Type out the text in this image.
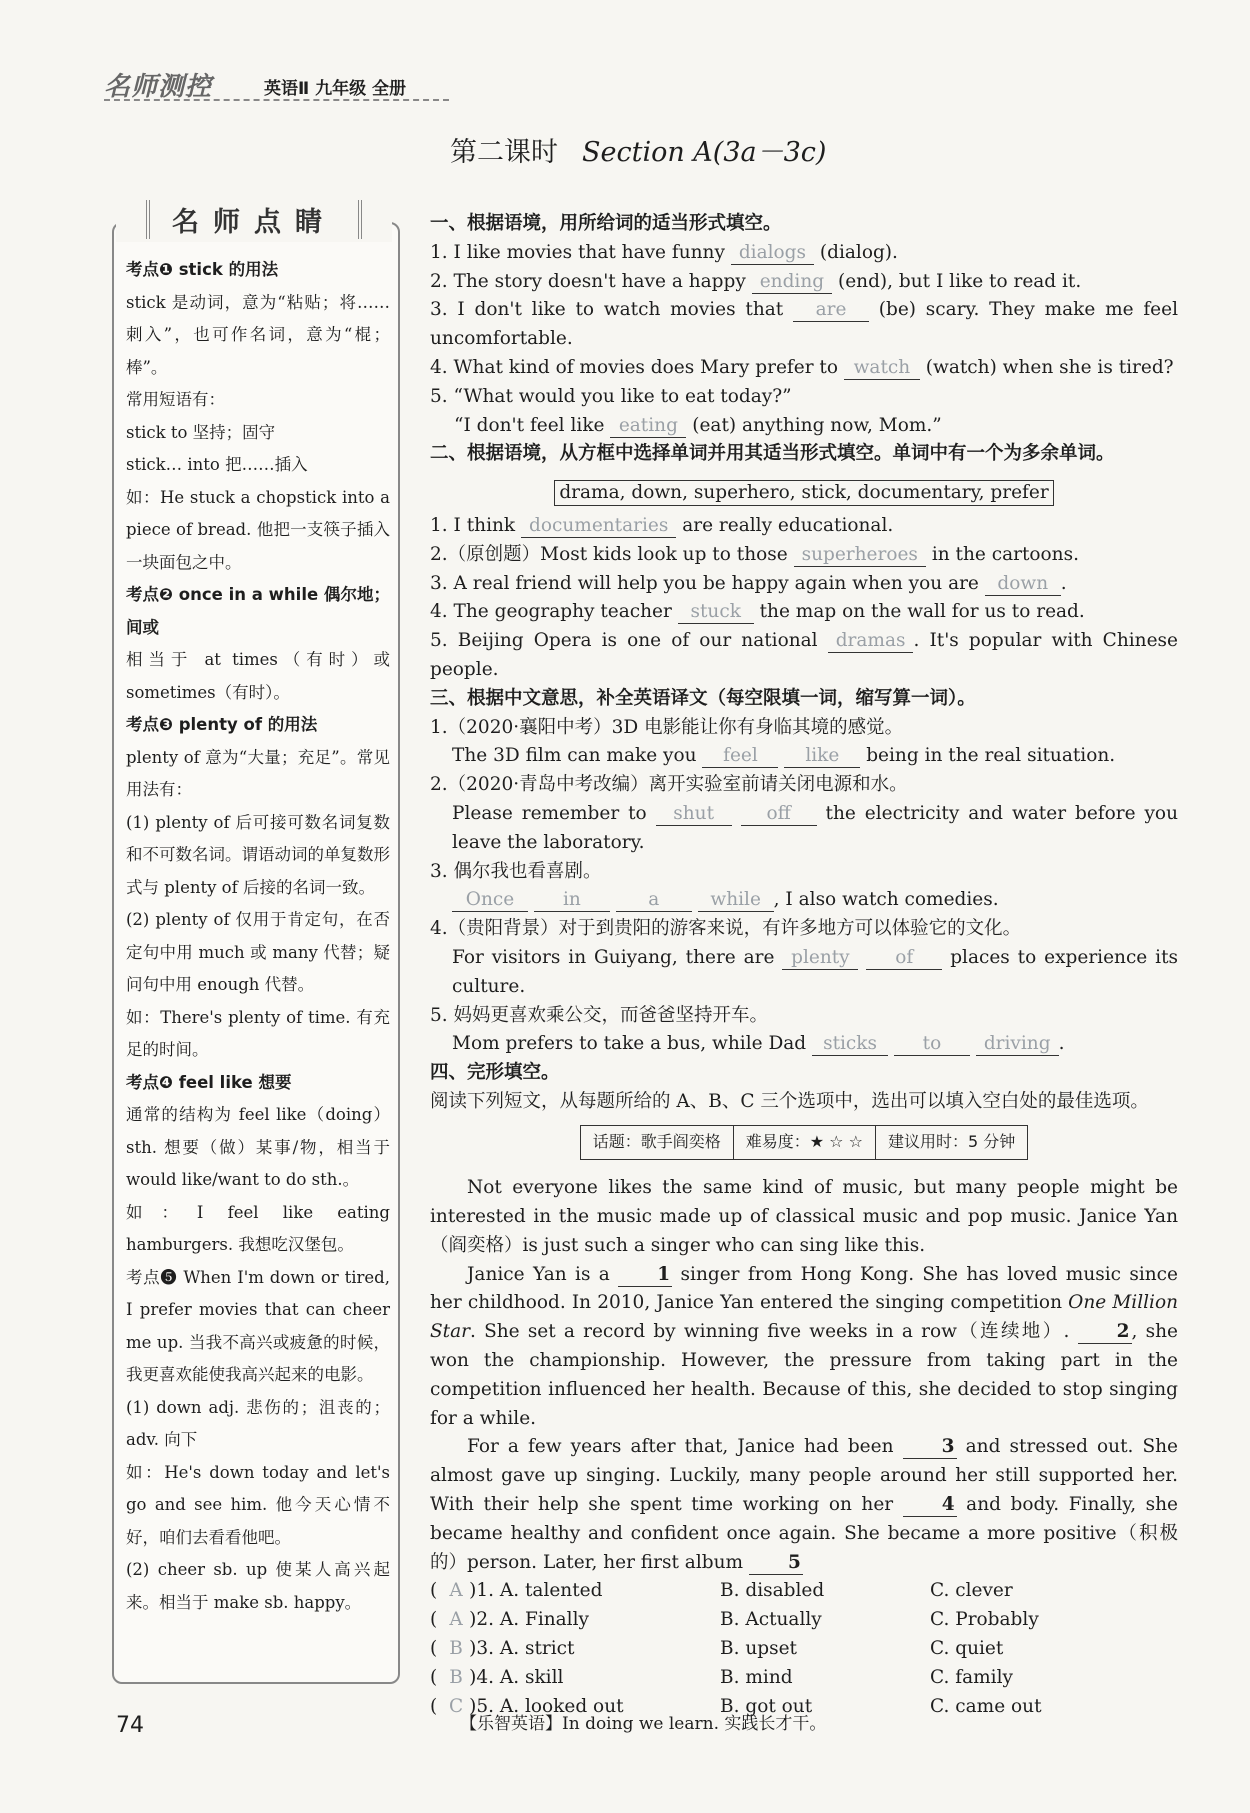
名师测控	英语Ⅱ 九年级 全册
第二课时 Section A(3a－3c)
名师点睛

考点❶ stick 的用法

stick 是动词，意为“粘贴；将……刺入”，也可作名词，意为“棍；棒”。

常用短语有：

stick to 坚持；固守

stick… into 把……插入

如：He stuck a chopstick into a piece of bread. 他把一支筷子插入一块面包之中。

考点❷ once in a while 偶尔地；间或

相当于 at times（有时）或 sometimes（有时）。

考点❸ plenty of 的用法

plenty of 意为“大量；充足”。常见用法有：

(1) plenty of 后可接可数名词复数和不可数名词。谓语动词的单复数形式与 plenty of 后接的名词一致。

(2) plenty of 仅用于肯定句，在否定句中用 much 或 many 代替；疑问句中用 enough 代替。

如：There's plenty of time. 有充足的时间。

考点❹ feel like 想要

通常的结构为 feel like（doing）sth. 想要（做）某事/物，相当于 would like/want to do sth.。

如：I feel like eating hamburgers. 我想吃汉堡包。

考点❺ When I'm down or tired, I prefer movies that can cheer me up. 当我不高兴或疲惫的时候，我更喜欢能使我高兴起来的电影。

(1) down adj. 悲伤的；沮丧的；adv. 向下

如：He's down today and let's go and see him. 他今天心情不好，咱们去看看他吧。

(2) cheer sb. up 使某人高兴起来。相当于 make sb. happy。

一、根据语境，用所给词的适当形式填空。

1. I like movies that have funny dialogs (dialog).

2. The story doesn't have a happy ending (end), but I like to read it.

3. I don't like to watch movies that are (be) scary. They make me feel uncomfortable.

4. What kind of movies does Mary prefer to watch (watch) when she is tired?

5. “What would you like to eat today?”

“I don't feel like eating (eat) anything now, Mom.”

二、根据语境，从方框中选择单词并用其适当形式填空。单词中有一个为多余单词。

drama, down, superhero, stick, documentary, prefer

1. I think documentaries are really educational.

2.（原创题）Most kids look up to those superheroes in the cartoons.

3. A real friend will help you be happy again when you are down .

4. The geography teacher stuck the map on the wall for us to read.

5. Beijing Opera is one of our national dramas . It's popular with Chinese people.

三、根据中文意思，补全英语译文（每空限填一词，缩写算一词）。

1.（2020·襄阳中考）3D 电影能让你有身临其境的感觉。

The 3D film can make you feel	like being in the real situation.

2.（2020·青岛中考改编）离开实验室前请关闭电源和水。

Please remember to shut	off the electricity and water before you leave the laboratory.

3. 偶尔我也看喜剧。

Once	in	a	while , I also watch comedies.

4.（贵阳背景）对于到贵阳的游客来说，有许多地方可以体验它的文化。

For visitors in Guiyang, there are plenty of places to experience its culture.

5. 妈妈更喜欢乘公交，而爸爸坚持开车。

Mom prefers to take a bus, while Dad sticks to driving .

四、完形填空。

阅读下列短文，从每题所给的 A、B、C 三个选项中，选出可以填入空白处的最佳选项。

话题：歌手阎奕格	难易度：★ ☆ ☆	建议用时：5 分钟

Not everyone likes the same kind of music, but many people might be interested in the music made up of classical music and pop music. Janice Yan（阎奕格）is just such a singer who can sing like this.

Janice Yan is a	1 singer from Hong Kong. She has loved music since her childhood. In 2010, Janice Yan entered the singing competition One Million Star. She set a record by winning five weeks in a row（连续地）.	2 , she won the championship. However, the pressure from taking part in the competition influenced her health. Because of this, she decided to stop singing for a while.

For a few years after that, Janice had been	3 and stressed out. She almost gave up singing. Luckily, many people around her still supported her. With their help she spent time working on her	4 and body. Finally, she became healthy and confident once again. She became a more positive（积极的）person. Later, her first album 5

( A )1. A. talented	B. disabled	C. clever
( A )2. A. Finally	B. Actually	C. Probably
( B )3. A. strict	B. upset	C. quiet
( B )4. A. skill	B. mind	C. family
( C )5. A. looked out	B. got out	C. came out
74	【乐智英语】In doing we learn. 实践长才干。
